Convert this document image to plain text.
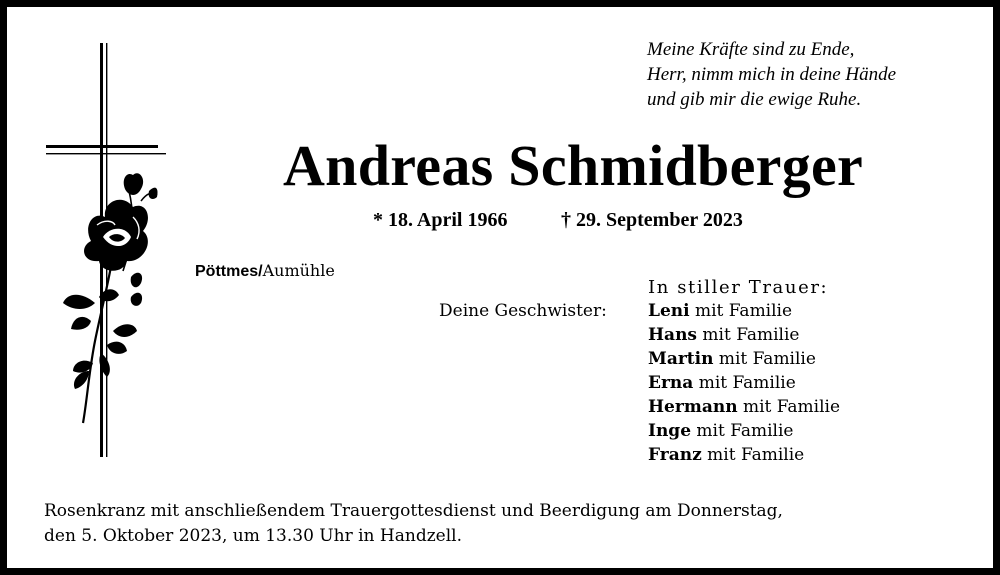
Meine Kräfte sind zu Ende,
Herr, nimm mich in deine Hände
und gib mir die ewige Ruhe.
Andreas Schmidberger
* 18. April 1966	† 29. September 2023
Pöttmes/Aumühle
In stiller Trauer:
Deine Geschwister: Leni mit Familie
Hans mit Familie
Martin mit Familie
Erna mit Familie
Hermann mit Familie
Inge mit Familie
Franz mit Familie
Rosenkranz mit anschließendem Trauergottesdienst und Beerdigung am Donnerstag,
den 5. Oktober 2023, um 13.30 Uhr in Handzell.
